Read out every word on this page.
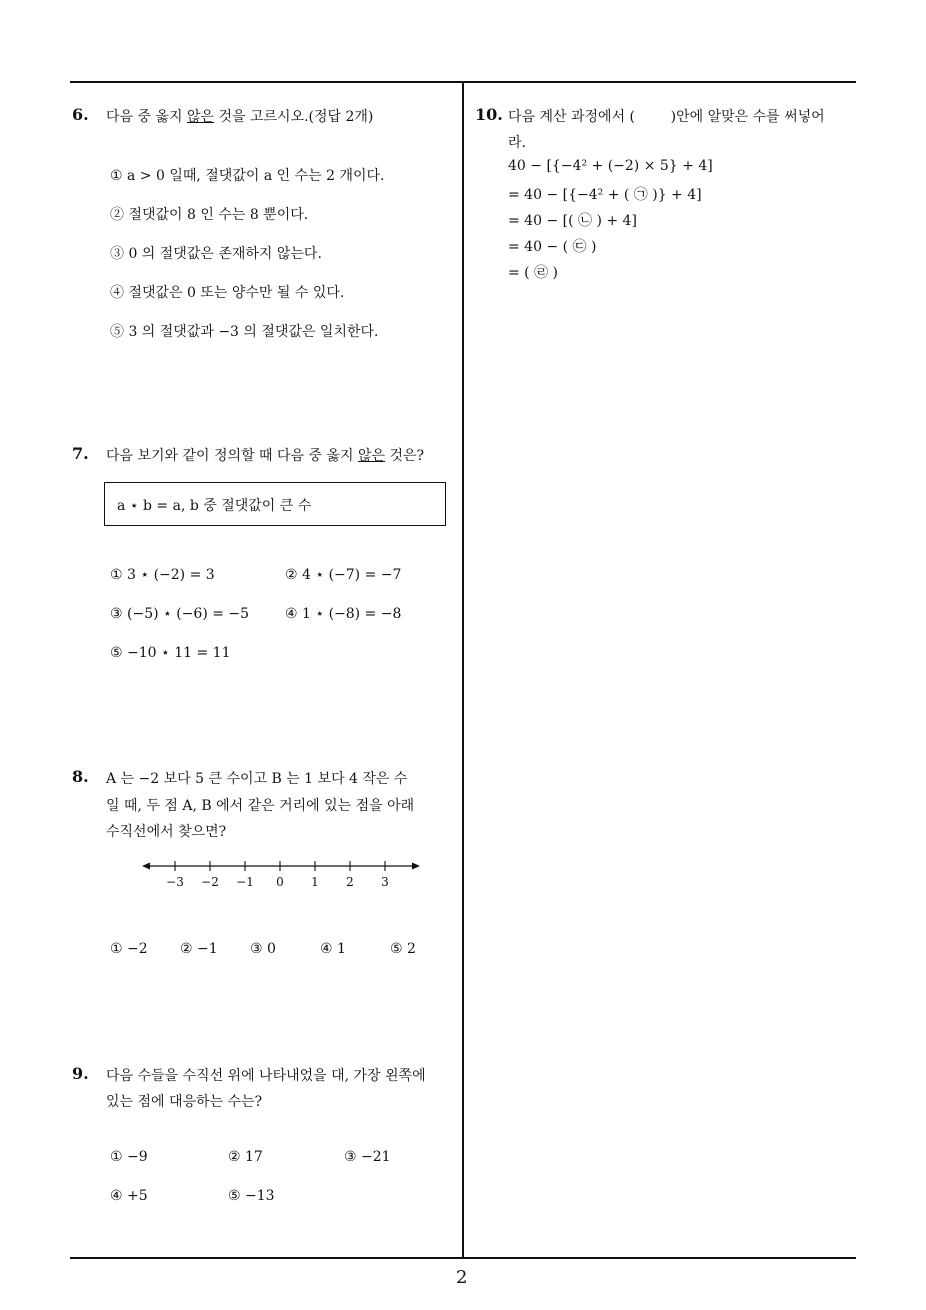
2
6. 다음 중 옳지 않은 것을 고르시오.(정답 2개)
① a > 0 일때, 절댓값이 a 인 수는 2 개이다.
② 절댓값이 8 인 수는 8 뿐이다.
③ 0 의 절댓값은 존재하지 않는다.
④ 절댓값은 0 또는 양수만 될 수 있다.
⑤ 3 의 절댓값과 −3 의 절댓값은 일치한다.
7. 다음 보기와 같이 정의할 때 다음 중 옳지 않은 것은?
a ⋆ b = a, b 중 절댓값이 큰 수
① 3 ⋆ (−2) = 3	② 4 ⋆ (−7) = −7
③ (−5) ⋆ (−6) = −5	④ 1 ⋆ (−8) = −8
⑤ −10 ⋆ 11 = 11
8. A 는 −2 보다 5 큰 수이고 B 는 1 보다 4 작은 수
일 때, 두 점 A, B 에서 같은 거리에 있는 점을 아래
수직선에서 찾으면?
−3 −2 −1 0 1 2 3
① −2 ② −1 ③ 0	④ 1	⑤ 2
9. 다음 수들을 수직선 위에 나타내었을 대, 가장 왼쪽에
있는 점에 대응하는 수는?
① −9	② 17	③ −21
④ +5	⑤ −13
10. 다음 계산 과정에서 (        )안에 알맞은 수를 써넣어
라.
40 − [{−4² + (−2) × 5} + 4]
= 40 − [{−4² + ( ㉠ )} + 4]
= 40 − [( ㉡ ) + 4]
= 40 − ( ㉢ )
= ( ㉣ )
